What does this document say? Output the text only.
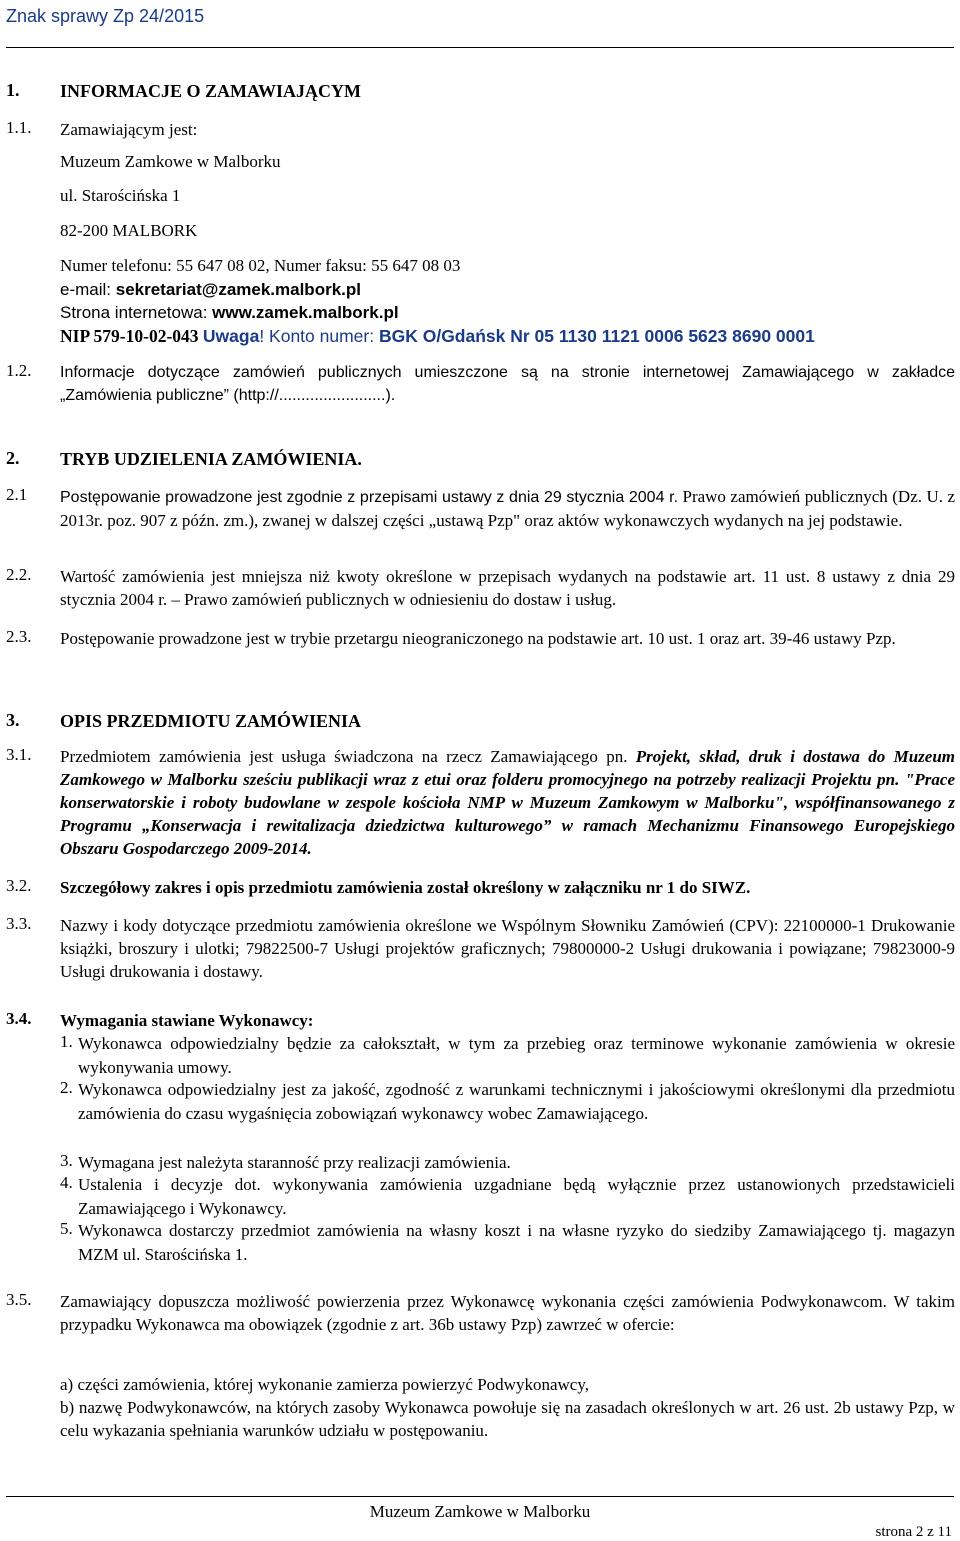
Znak sprawy Zp 24/2015
1. INFORMACJE O ZAMAWIAJĄCYM
1.1. Zamawiającym jest:
Muzeum Zamkowe w Malborku
ul. Starościńska 1
82-200 MALBORK
Numer telefonu: 55 647 08 02, Numer faksu: 55 647 08 03
e-mail: sekretariat@zamek.malbork.pl
Strona internetowa: www.zamek.malbork.pl
NIP 579-10-02-043 Uwaga! Konto numer: BGK O/Gdańsk Nr 05 1130 1121 0006 5623 8690 0001
1.2. Informacje dotyczące zamówień publicznych umieszczone są na stronie internetowej Zamawiającego w zakładce „Zamówienia publiczne” (http://........................).
2. TRYB UDZIELENIA ZAMÓWIENIA.
2.1 Postępowanie prowadzone jest zgodnie z przepisami ustawy z dnia 29 stycznia 2004 r. Prawo zamówień publicznych (Dz. U. z 2013r. poz. 907 z późn. zm.), zwanej w dalszej części „ustawą Pzp" oraz aktów wykonawczych wydanych na jej podstawie.
2.2. Wartość zamówienia jest mniejsza niż kwoty określone w przepisach wydanych na podstawie art. 11 ust. 8 ustawy z dnia 29 stycznia 2004 r. – Prawo zamówień publicznych w odniesieniu do dostaw i usług.
2.3. Postępowanie prowadzone jest w trybie przetargu nieograniczonego na podstawie art. 10 ust. 1 oraz art. 39-46 ustawy Pzp.
3. OPIS PRZEDMIOTU ZAMÓWIENIA
3.1. Przedmiotem zamówienia jest usługa świadczona na rzecz Zamawiającego pn. Projekt, skład, druk i dostawa do Muzeum Zamkowego w Malborku sześciu publikacji wraz z etui oraz folderu promocyjnego na potrzeby realizacji Projektu pn. "Prace konserwatorskie i roboty budowlane w zespole kościoła NMP w Muzeum Zamkowym w Malborku", współfinansowanego z Programu „Konserwacja i rewitalizacja dziedzictwa kulturowego” w ramach Mechanizmu Finansowego Europejskiego Obszaru Gospodarczego 2009-2014.
3.2. Szczegółowy zakres i opis przedmiotu zamówienia został określony w załączniku nr 1 do SIWZ.
3.3. Nazwy i kody dotyczące przedmiotu zamówienia określone we Wspólnym Słowniku Zamówień (CPV): 22100000-1 Drukowanie książki, broszury i ulotki; 79822500-7 Usługi projektów graficznych; 79800000-2 Usługi drukowania i powiązane; 79823000-9 Usługi drukowania i dostawy.
3.4. Wymagania stawiane Wykonawcy:
1. Wykonawca odpowiedzialny będzie za całokształt, w tym za przebieg oraz terminowe wykonanie zamówienia w okresie wykonywania umowy.
2. Wykonawca odpowiedzialny jest za jakość, zgodność z warunkami technicznymi i jakościowymi określonymi dla przedmiotu zamówienia do czasu wygaśnięcia zobowiązań wykonawcy wobec Zamawiającego.
3. Wymagana jest należyta staranność przy realizacji zamówienia.
4. Ustalenia i decyzje dot. wykonywania zamówienia uzgadniane będą wyłącznie przez ustanowionych przedstawicieli Zamawiającego i Wykonawcy.
5. Wykonawca dostarczy przedmiot zamówienia na własny koszt i na własne ryzyko do siedziby Zamawiającego tj. magazyn MZM ul. Starościńska 1.
3.5. Zamawiający dopuszcza możliwość powierzenia przez Wykonawcę wykonania części zamówienia Podwykonawcom. W takim przypadku Wykonawca ma obowiązek (zgodnie z art. 36b ustawy Pzp) zawrzeć w ofercie:
a) części zamówienia, której wykonanie zamierza powierzyć Podwykonawcy,
b) nazwę Podwykonawców, na których zasoby Wykonawca powołuje się na zasadach określonych w art. 26 ust. 2b ustawy Pzp, w celu wykazania spełniania warunków udziału w postępowaniu.
Muzeum Zamkowe w Malborku
strona 2 z 11
